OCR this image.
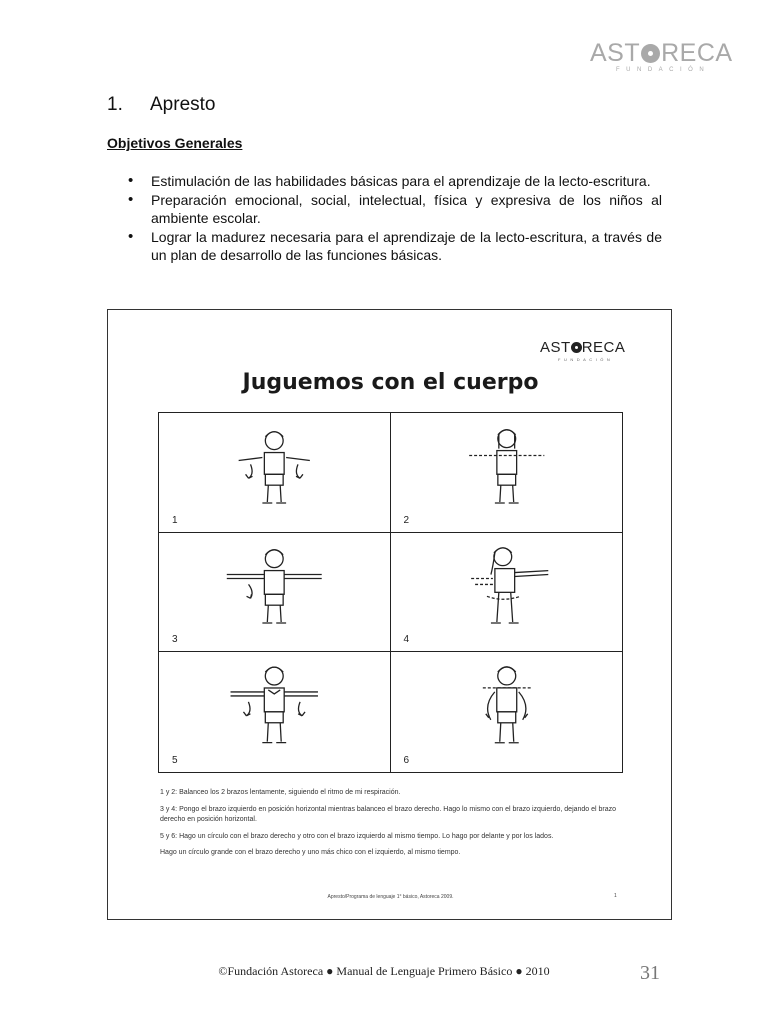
AST RECA
FUNDACIÓN
1. Apresto
Objetivos Generales
• Estimulación de las habilidades básicas para el aprendizaje de la lecto-escritura.
• Preparación emocional, social, intelectual, física y expresiva de los niños al ambiente escolar.
• Lograr la madurez necesaria para el aprendizaje de la lecto-escritura, a través de un plan de desarrollo de las funciones básicas.
AST RECA
FUNDACIÓN
Juguemos con el cuerpo
1	2
3	4
5	6

1 y 2: Balanceo los 2 brazos lentamente, siguiendo el ritmo de mi respiración.

3 y 4: Pongo el brazo izquierdo en posición horizontal mientras balanceo el brazo derecho. Hago lo mismo con el brazo izquierdo, dejando el brazo derecho en posición horizontal.

5 y 6: Hago un círculo con el brazo derecho y otro con el brazo izquierdo al mismo tiempo. Lo hago por delante y por los lados.

Hago un círculo grande con el brazo derecho y uno más chico con el izquierdo, al mismo tiempo.

Apresto/Programa de lenguaje 1° básico, Astoreca 2009.	1
©Fundación Astoreca ● Manual de Lenguaje Primero Básico ● 2010	31
